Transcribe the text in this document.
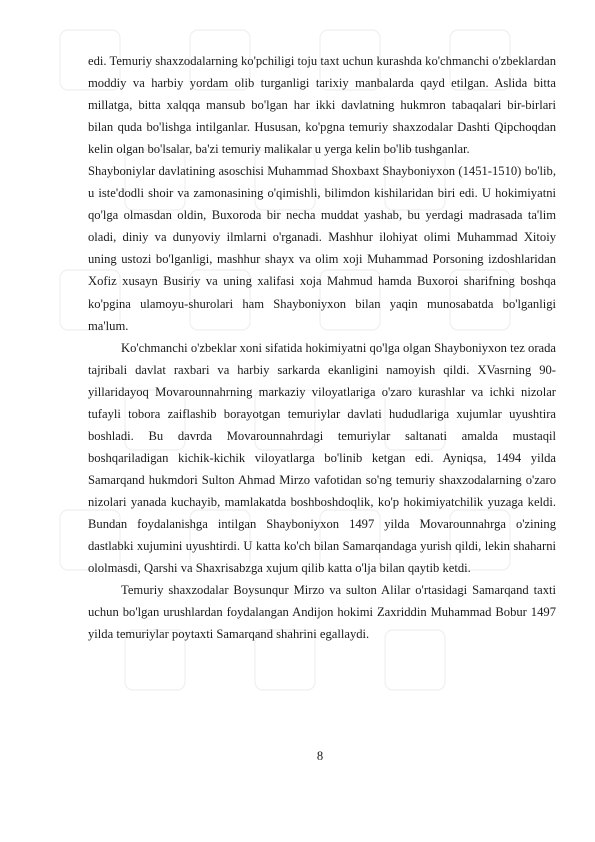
edi. Temuriy shaxzodalarning ko'pchiligi toju taxt uchun kurashda ko'chmanchi o'zbeklardan moddiy va harbiy yordam olib turganligi tarixiy manbalarda qayd etilgan. Aslida bitta millatga, bitta xalqqa mansub bo'lgan har ikki davlatning hukmron tabaqalari bir-birlari bilan quda bo'lishga intilganlar. Hususan, ko'pgna temuriy shaxzodalar Dashti Qipchoqdan kelin olgan bo'lsalar, ba'zi temuriy malikalar u yerga kelin bo'lib tushganlar.

Shayboniylar davlatining asoschisi Muhammad Shoxbaxt Shayboniyxon (1451-1510) bo'lib, u iste'dodli shoir va zamonasining o'qimishli, bilimdon kishilaridan biri edi. U hokimiyatni qo'lga olmasdan oldin, Buxoroda bir necha muddat yashab, bu yerdagi madrasada ta'lim oladi, diniy va dunyoviy ilmlarni o'rganadi. Mashhur ilohiyat olimi Muhammad Xitoiy uning ustozi bo'lganligi, mashhur shayx va olim xoji Muhammad Porsoning izdoshlaridan Xofiz xusayn Busiriy va uning xalifasi xoja Mahmud hamda Buxoroi sharifning boshqa ko'pgina ulamoyu-shurolari ham Shayboniyxon bilan yaqin munosabatda bo'lganligi ma'lum.

Ko'chmanchi o'zbeklar xoni sifatida hokimiyatni qo'lga olgan Shayboniyxon tez orada tajribali davlat raxbari va harbiy sarkarda ekanligini namoyish qildi. XVasrning 90-yillaridayoq Movarounnahrning markaziy viloyatlariga o'zaro kurashlar va ichki nizolar tufayli tobora zaiflashib borayotgan temuriylar davlati hududlariga xujumlar uyushtira boshladi. Bu davrda Movarounnahrdagi temuriylar saltanati amalda mustaqil boshqariladigan kichik-kichik viloyatlarga bo'linib ketgan edi. Ayniqsa, 1494 yilda Samarqand hukmdori Sulton Ahmad Mirzo vafotidan so'ng temuriy shaxzodalarning o'zaro nizolari yanada kuchayib, mamlakatda boshboshdoqlik, ko'p hokimiyatchilik yuzaga keldi. Bundan foydalanishga intilgan Shayboniyxon 1497 yilda Movarounnahrga o'zining dastlabki xujumini uyushtirdi. U katta ko'ch bilan Samarqandaga yurish qildi, lekin shaharni ololmasdi, Qarshi va Shaxrisabzga xujum qilib katta o'lja bilan qaytib ketdi.

Temuriy shaxzodalar Boysunqur Mirzo va sulton Alilar o'rtasidagi Samarqand taxti uchun bo'lgan urushlardan foydalangan Andijon hokimi Zaxriddin Muhammad Bobur 1497 yilda temuriylar poytaxti Samarqand shahrini egallaydi.

8
